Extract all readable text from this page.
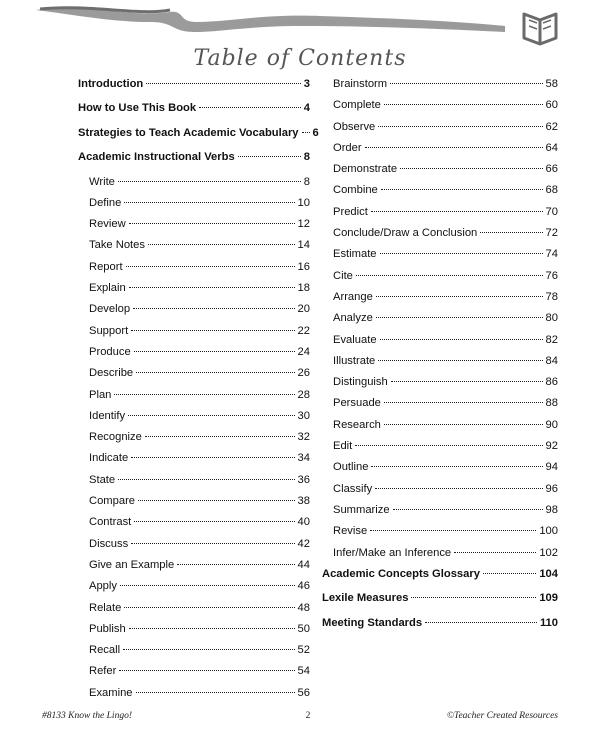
Table of Contents
Introduction	3
How to Use This Book	4
Strategies to Teach Academic Vocabulary 6
Academic Instructional Verbs	8
Write	8
Define	10
Review	12
Take Notes	14
Report	16
Explain	18
Develop	20
Support	22
Produce	24
Describe	26
Plan	28
Identify	30
Recognize	32
Indicate	34
State	36
Compare	38
Contrast	40
Discuss	42
Give an Example	44
Apply	46
Relate	48
Publish	50
Recall	52
Refer	54
Examine	56
Brainstorm	58
Complete	60
Observe	62
Order	64
Demonstrate	66
Combine	68
Predict	70
Conclude/Draw a Conclusion	72
Estimate	74
Cite	76
Arrange	78
Analyze	80
Evaluate	82
Illustrate	84
Distinguish	86
Persuade	88
Research	90
Edit	92
Outline	94
Classify	96
Summarize	98
Revise	100
Infer/Make an Inference	102
Academic Concepts Glossary	104
Lexile Measures	109
Meeting Standards	110
#8133 Know the Lingo!	2	©Teacher Created Resources
